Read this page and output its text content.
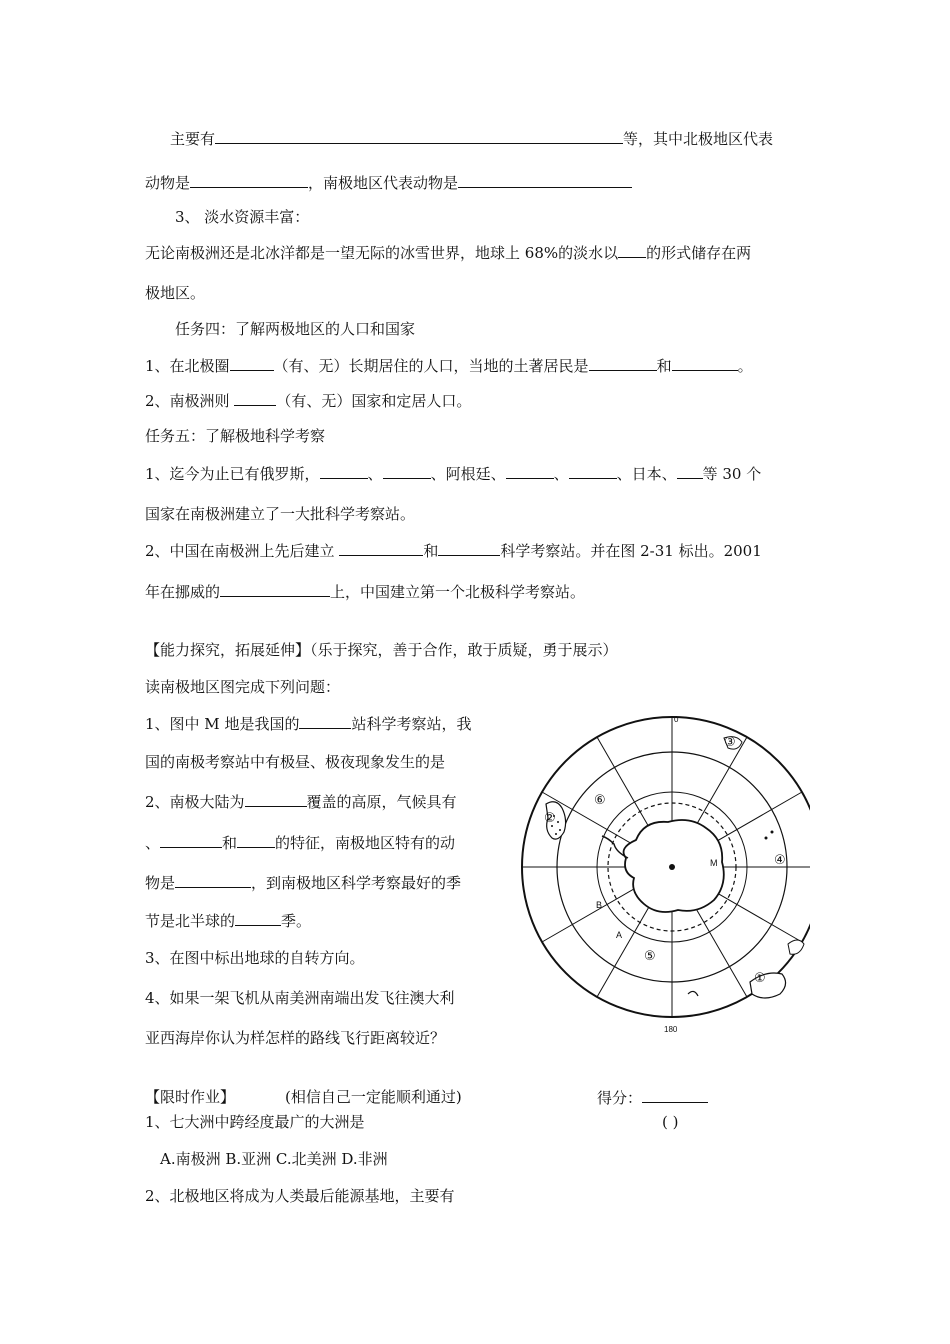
主要有	等，其中北极地区代表
动物是	，南极地区代表动物是
3、 淡水资源丰富：
无论南极洲还是北冰洋都是一望无际的冰雪世界，地球上 68%的淡水以 的形式储存在两
极地区。
任务四：了解两极地区的人口和国家
1、在北极圈	（有、无）长期居住的人口，当地的土著居民是	和	。
2、南极洲则	（有、无）国家和定居人口。
任务五：了解极地科学考察
1、迄今为止已有俄罗斯，	、	、阿根廷、	、	、日本、 等 30 个
国家在南极洲建立了一大批科学考察站。
2、中国在南极洲上先后建立	和	科学考察站。并在图 2-31 标出。2001
年在挪威的	上，中国建立第一个北极科学考察站。
【能力探究，拓展延伸】（乐于探究，善于合作，敢于质疑，勇于展示）
读南极地区图完成下列问题：
1、图中 M 地是我国的	站科学考察站，我
国的南极考察站中有极昼、极夜现象发生的是
2、南极大陆为	覆盖的高原，气候具有
、	和	的特征，南极地区特有的动
物是	，到南极地区科学考察最好的季
节是北半球的	季。
3、在图中标出地球的自转方向。
4、如果一架飞机从南美洲南端出发飞往澳大利
亚西海岸你认为样怎样的路线飞行距离较近？
0
180
①
②
③
④
⑤
⑥
A
B
M
【限时作业】	(相信自己一定能顺利通过)	得分：
1、七大洲中跨经度最广的大洲是	( )
A.南极洲 B.亚洲 C.北美洲 D.非洲
2、北极地区将成为人类最后能源基地，主要有
